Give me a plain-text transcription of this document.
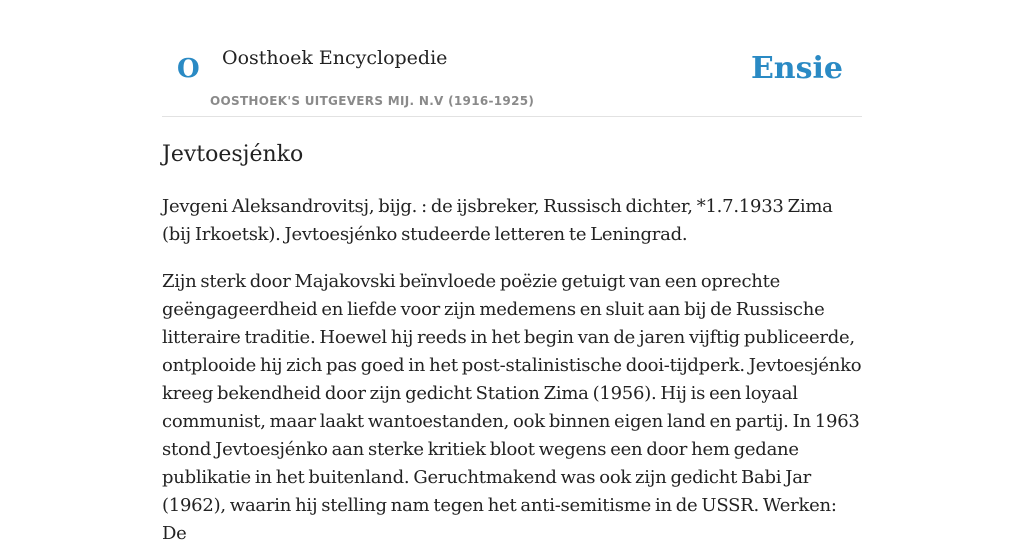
O Oosthoek Encyclopedie
OOSTHOEK'S UITGEVERS MIJ. N.V (1916-1925)
Ensie
Jevtoesjénko

Jevgeni Aleksandrovitsj, bijg. : de ijsbreker, Russisch dichter, *1.7.1933 Zima (bij Irkoetsk). Jevtoesjénko studeerde letteren te Leningrad.

Zijn sterk door Majakovski beïnvloede poëzie getuigt van een oprechte geëngageerdheid en liefde voor zijn medemens en sluit aan bij de Russische litteraire traditie. Hoewel hij reeds in het begin van de jaren vijftig publiceerde, ontplooide hij zich pas goed in het post-stalinistische dooi-tijdperk. Jevtoesjénko kreeg bekendheid door zijn gedicht Station Zima (1956). Hij is een loyaal communist, maar laakt wantoestanden, ook binnen eigen land en partij. In 1963 stond Jevtoesjénko aan sterke kritiek bloot wegens een door hem gedane publikatie in het buitenland. Geruchtmakend was ook zijn gedicht Babi Jar (1962), waarin hij stelling nam tegen het anti-semitisme in de USSR. Werken: De
